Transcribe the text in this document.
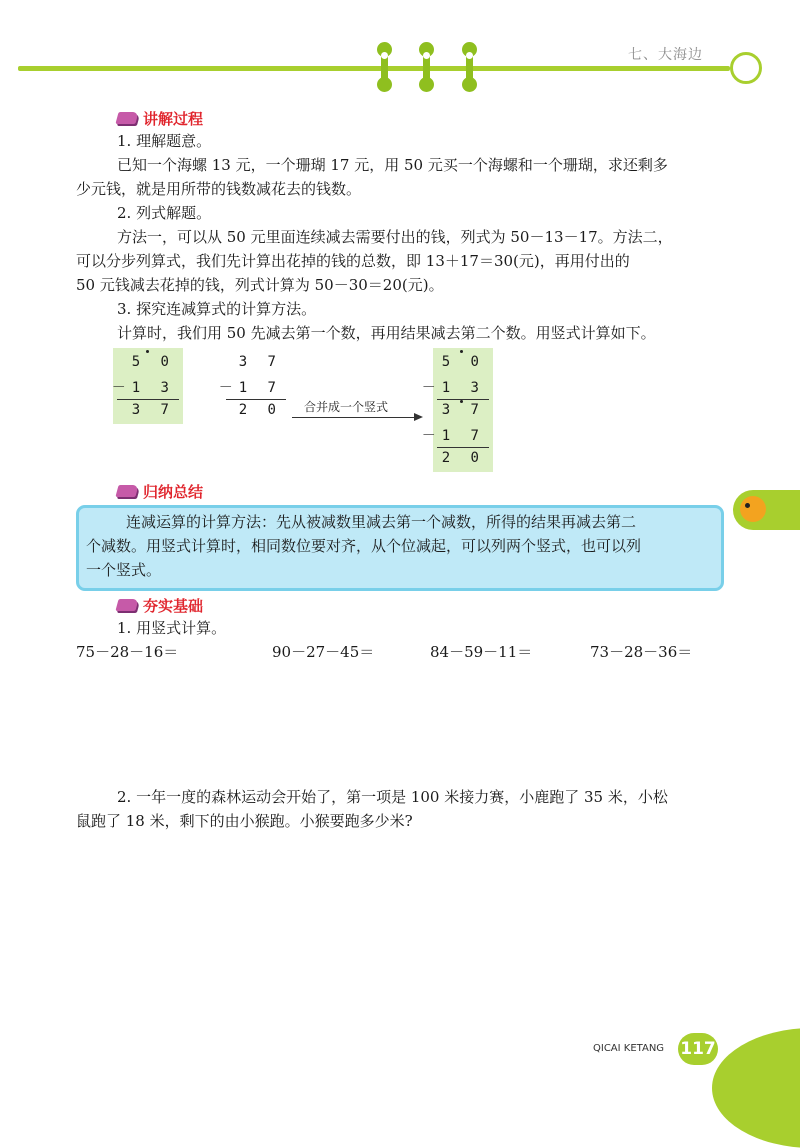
七、大海边
讲解过程
1. 理解题意。
已知一个海螺 13 元，一个珊瑚 17 元，用 50 元买一个海螺和一个珊瑚，求还剩多
少元钱，就是用所带的钱数减花去的钱数。
2. 列式解题。
方法一，可以从 50 元里面连续减去需要付出的钱，列式为 50－13－17。方法二，
可以分步列算式，我们先计算出花掉的钱的总数，即 13＋17＝30(元)，再用付出的
50 元钱减去花掉的钱，列式计算为 50－30＝20(元)。
3. 探究连减算式的计算方法。
计算时，我们用 50 先减去第一个数，再用结果减去第二个数。用竖式计算如下。
5 0
－1 3
3 7
3 7
－1 7
2 0 合并成一个竖式
5 0
－1 3
3 7
－1 7
2 0
归纳总结
连减运算的计算方法：先从被减数里减去第一个减数，所得的结果再减去第二
个减数。用竖式计算时，相同数位要对齐，从个位减起，可以列两个竖式，也可以列
一个竖式。
夯实基础
1. 用竖式计算。
75－28－16＝	90－27－45＝	84－59－11＝	73－28－36＝
2. 一年一度的森林运动会开始了，第一项是 100 米接力赛，小鹿跑了 35 米，小松
鼠跑了 18 米，剩下的由小猴跑。小猴要跑多少米?
QICAI KETANG 117
